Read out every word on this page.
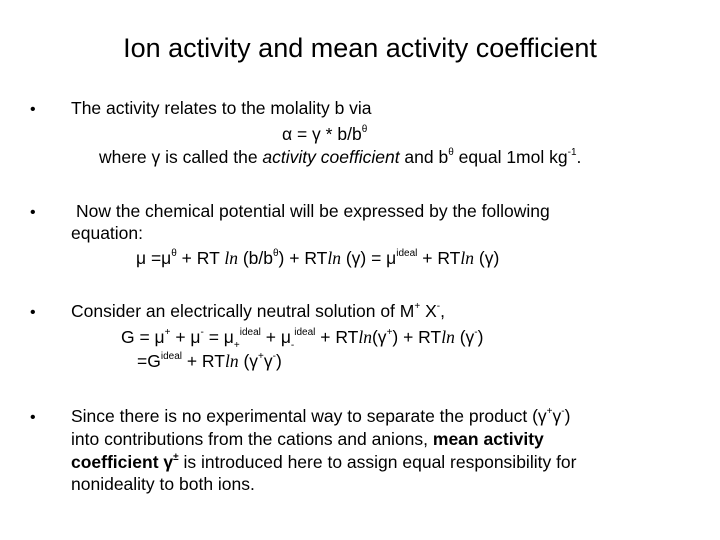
Ion activity and mean activity coefficient
• The activity relates to the molality b via
$\alpha = \gamma * b/b^\theta$
where γ is called the activity coefficient and $b^\theta$ equal 1mol $kg^{-1}$.
• Now the chemical potential will be expressed by the following
equation:
$\mu =\mu^\theta$ + RT $\ln (b/b^\theta) + RTln$ $(\gamma) = \mu^{ideal} + RTln$ (γ)
• Consider an electrically neutral solution of M+ X-,
$G = \mu^+ + \mu^- = \mu_+^{ideal} + \mu_-^{ideal} + RTln(\gamma^+) + RTln$ (γ-)
$=G^{ideal} + RTln$ (γ+γ-)
• Since there is no experimental way to separate the product (γ+γ-)
into contributions from the cations and anions, mean activity
coefficient γ± is introduced here to assign equal responsibility for
nonideality to both ions.
